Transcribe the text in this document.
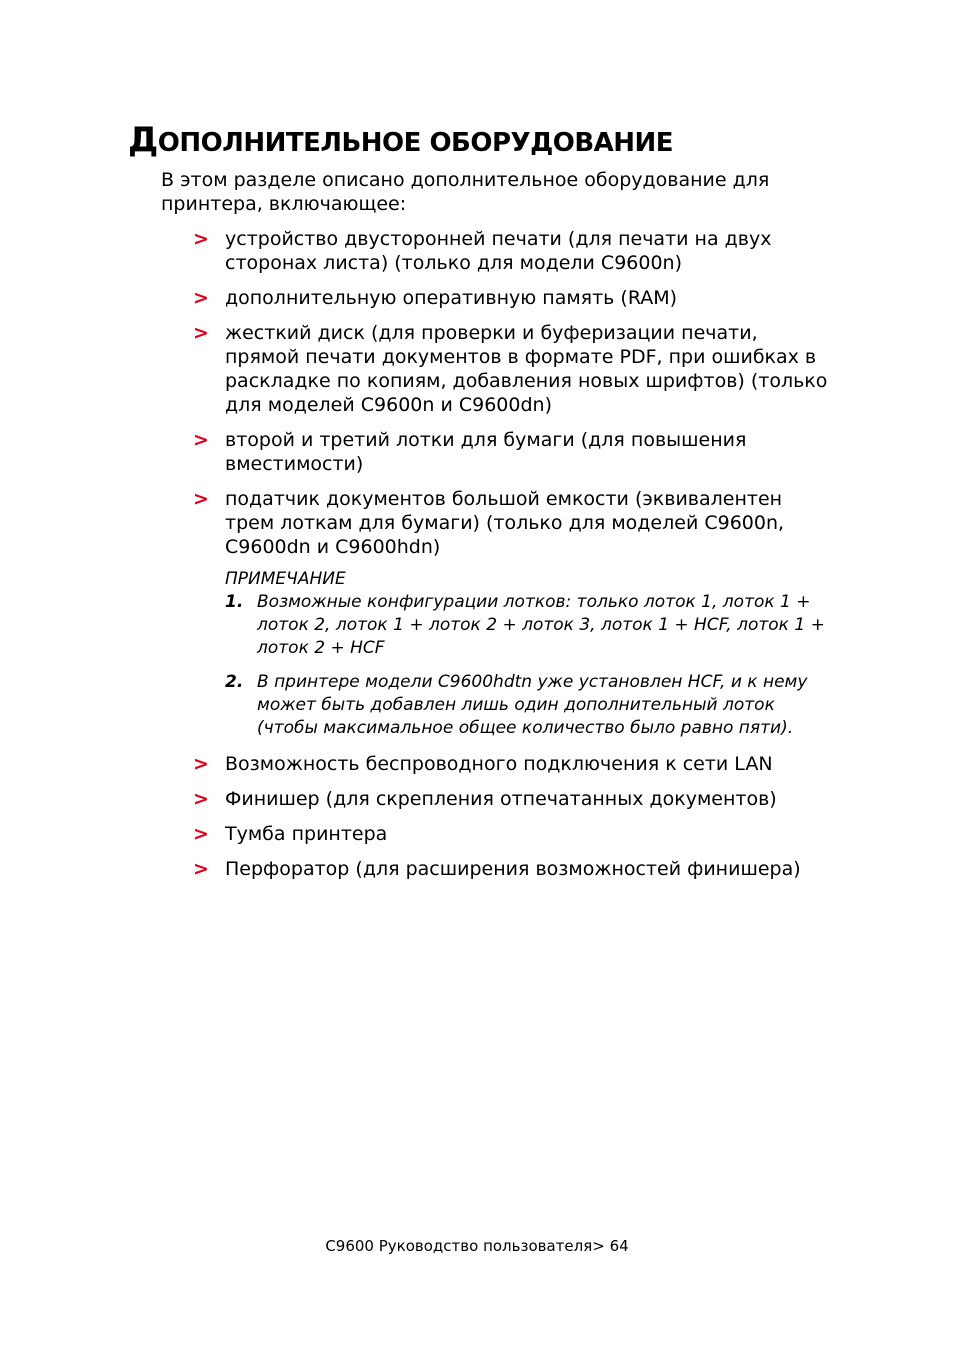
ДОПОЛНИТЕЛЬНОЕ ОБОРУДОВАНИЕ

В этом разделе описано дополнительное оборудование для принтера, включающее:

> устройство двусторонней печати (для печати на двух сторонах листа) (только для модели C9600n)
> дополнительную оперативную память (RAM)
> жесткий диск (для проверки и буферизации печати, прямой печати документов в формате PDF, при ошибках в раскладке по копиям, добавления новых шрифтов) (только для моделей C9600n и C9600dn)
> второй и третий лотки для бумаги (для повышения вместимости)
> податчик документов большой емкости (эквивалентен трем лоткам для бумаги) (только для моделей C9600n, C9600dn и C9600hdn)
ПРИМЕЧАНИЕ
1. Возможные конфигурации лотков: только лоток 1, лоток 1 + лоток 2, лоток 1 + лоток 2 + лоток 3, лоток 1 + HCF, лоток 1 + лоток 2 + HCF
2. В принтере модели C9600hdtn уже установлен HCF, и к нему может быть добавлен лишь один дополнительный лоток (чтобы максимальное общее количество было равно пяти).
> Возможность беспроводного подключения к сети LAN
> Финишер (для скрепления отпечатанных документов)
> Тумба принтера
> Перфоратор (для расширения возможностей финишера)
C9600 Руководство пользователя> 64
